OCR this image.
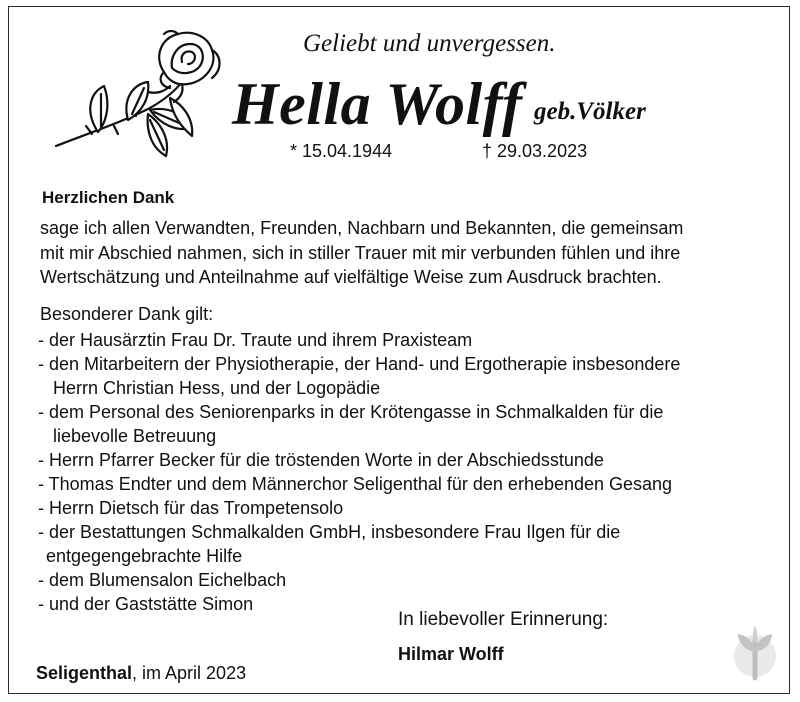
Geliebt und unvergessen.
Hella Wolff geb.Völker
* 15.04.1944	† 29.03.2023
Herzlichen Dank
sage ich allen Verwandten, Freunden, Nachbarn und Bekannten, die gemeinsam
mit mir Abschied nahmen, sich in stiller Trauer mit mir verbunden fühlen und ihre
Wertschätzung und Anteilnahme auf vielfältige Weise zum Ausdruck brachten.
Besonderer Dank gilt:
- der Hausärztin Frau Dr. Traute und ihrem Praxisteam
- den Mitarbeitern der Physiotherapie, der Hand- und Ergotherapie insbesondere
Herrn Christian Hess, und der Logopädie
- dem Personal des Seniorenparks in der Krötengasse in Schmalkalden für die
liebevolle Betreuung
- Herrn Pfarrer Becker für die tröstenden Worte in der Abschiedsstunde
- Thomas Endter und dem Männerchor Seligenthal für den erhebenden Gesang
- Herrn Dietsch für das Trompetensolo
- der Bestattungen Schmalkalden GmbH, insbesondere Frau Ilgen für die
entgegengebrachte Hilfe
- dem Blumensalon Eichelbach
- und der Gaststätte Simon
In liebevoller Erinnerung:
Hilmar Wolff
Seligenthal, im April 2023
